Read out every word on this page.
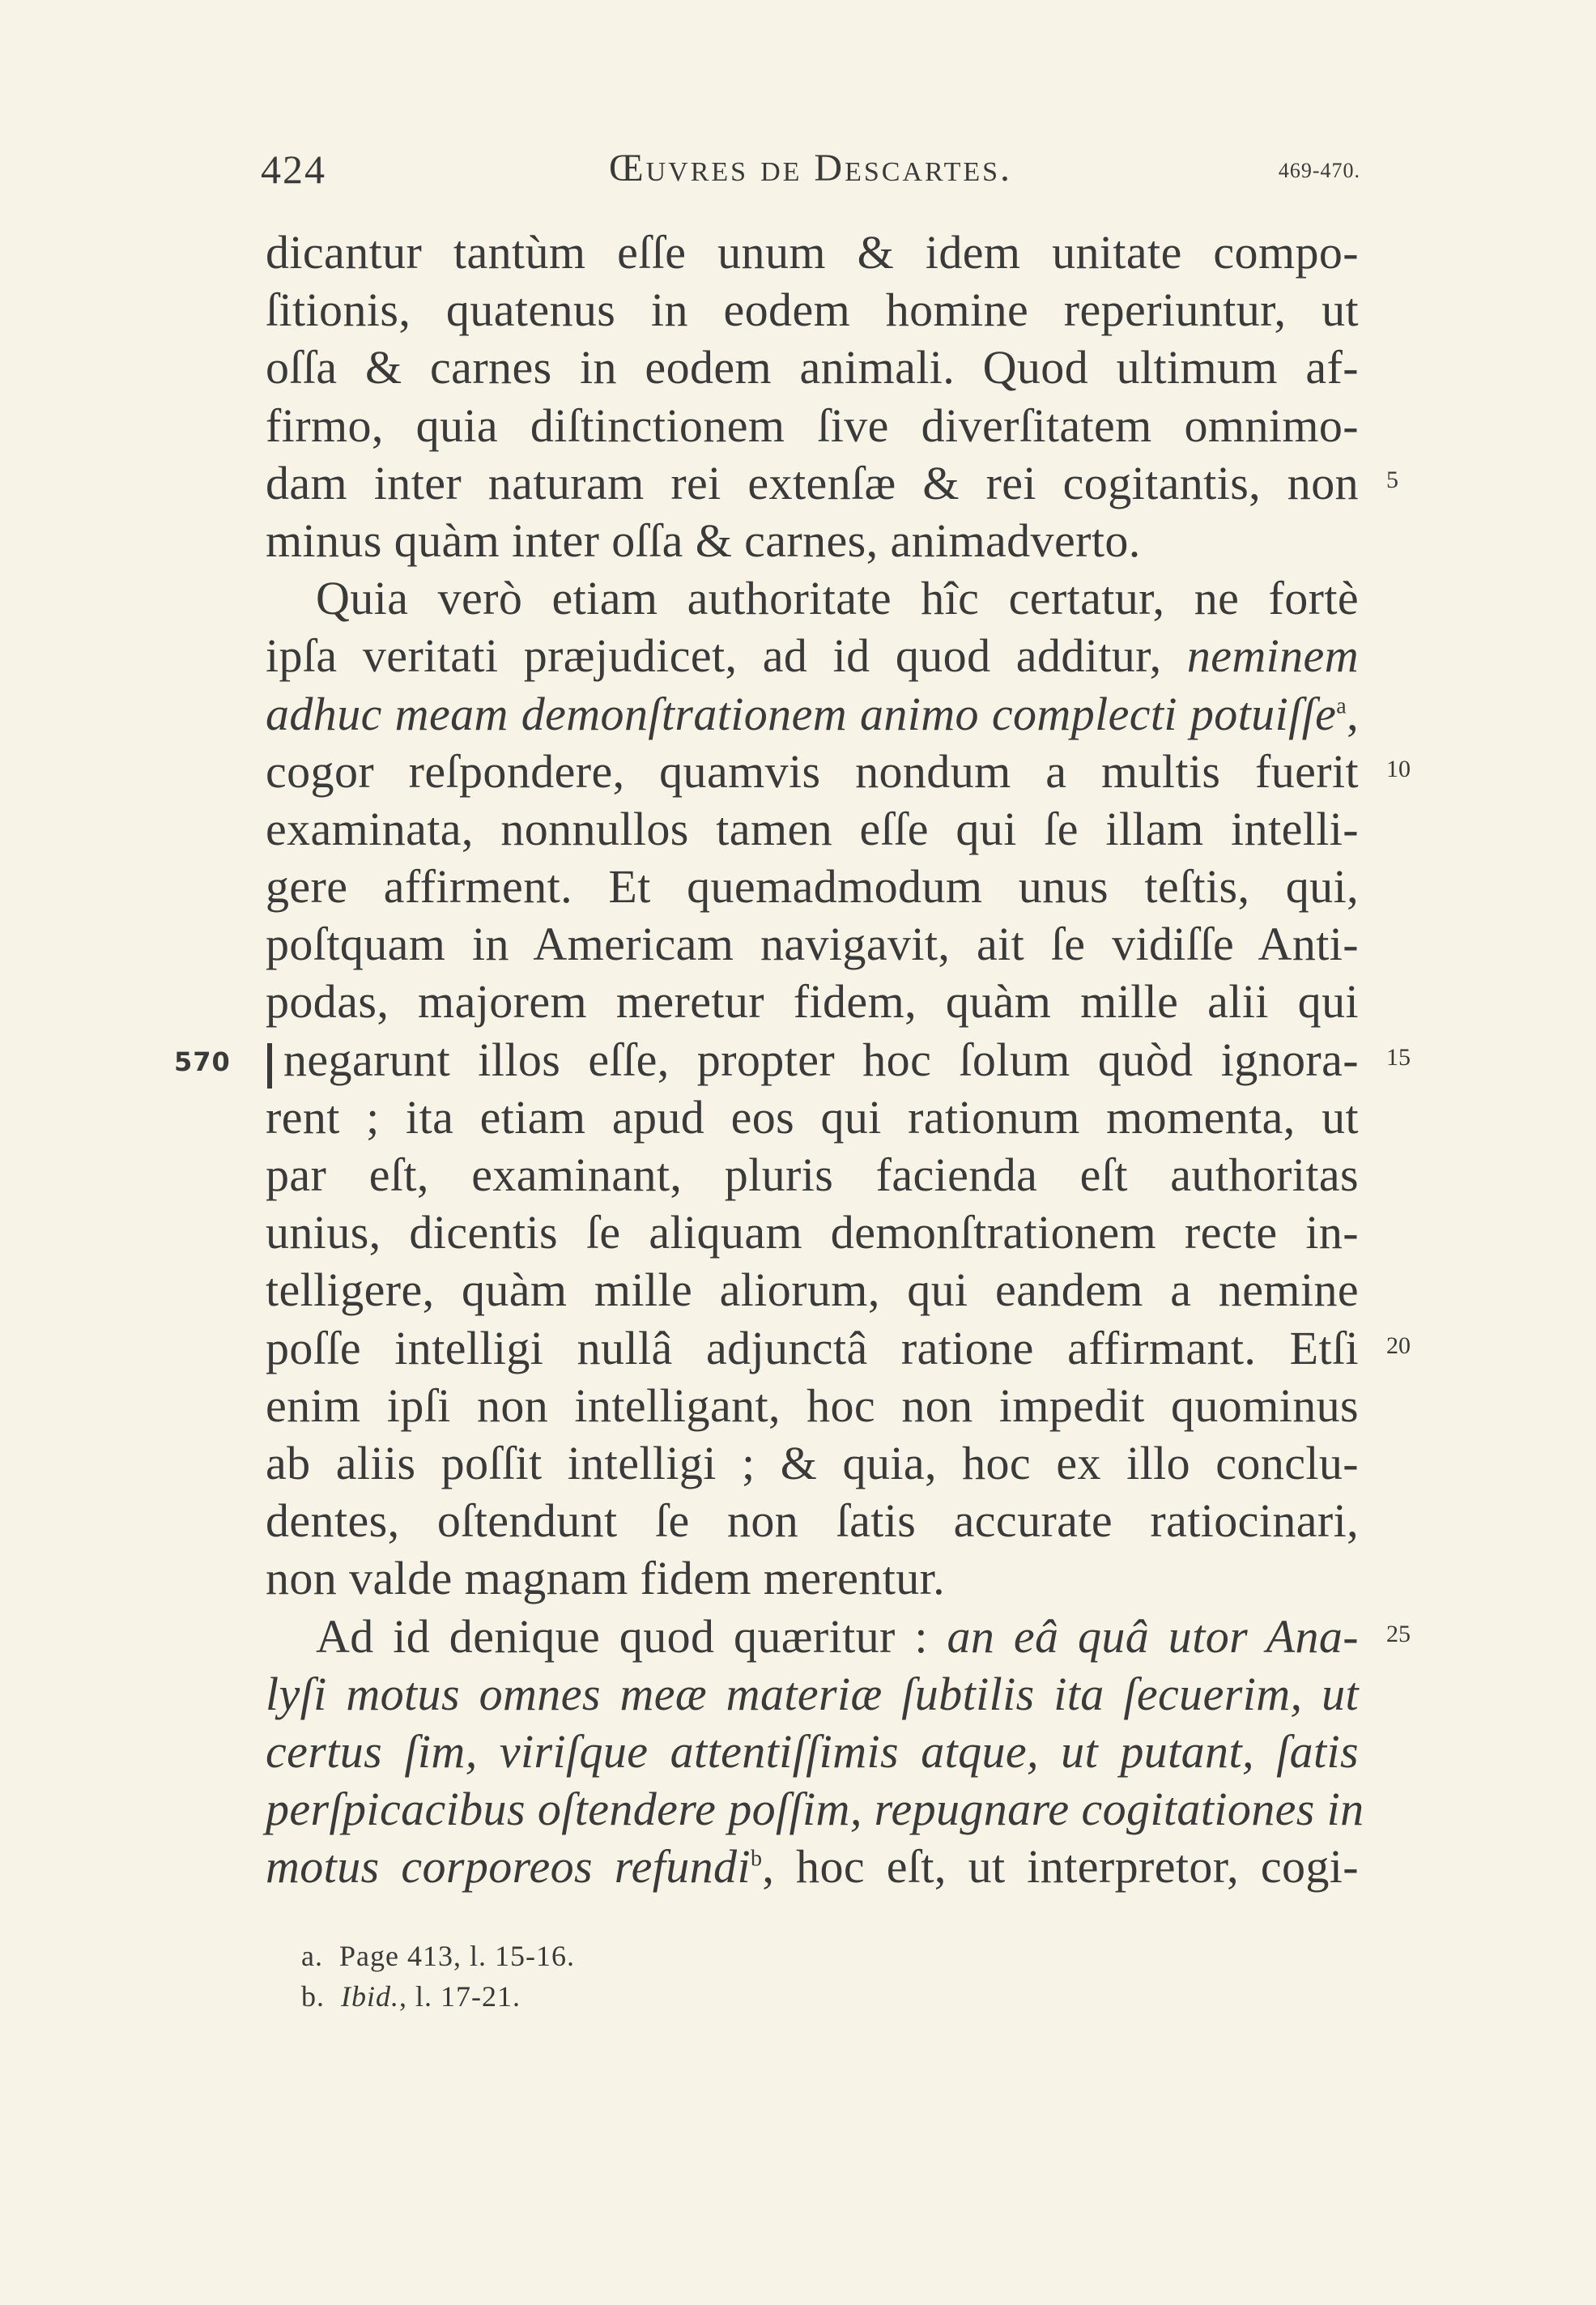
424	Œuvres de Descartes.	469-470.
dicantur tantùm eſſe unum & idem unitate compo-
ſitionis, quatenus in eodem homine reperiuntur, ut
oſſa & carnes in eodem animali. Quod ultimum af-
firmo, quia diſtinctionem ſive diverſitatem omnimo-
dam inter naturam rei extenſæ & rei cogitantis, non
minus quàm inter oſſa & carnes, animadverto.
Quia verò etiam authoritate hîc certatur, ne fortè
ipſa veritati præjudicet, ad id quod additur, neminem
adhuc meam demonſtrationem animo complecti potuiſſe$^a$,
cogor reſpondere, quamvis nondum a multis fuerit
examinata, nonnullos tamen eſſe qui ſe illam intelli-
gere affirment. Et quemadmodum unus teſtis, qui,
poſtquam in Americam navigavit, ait ſe vidiſſe Anti-
podas, majorem meretur fidem, quàm mille alii qui
negarunt illos eſſe, propter hoc ſolum quòd ignora-
rent ; ita etiam apud eos qui rationum momenta, ut
par eſt, examinant, pluris facienda eſt authoritas
unius, dicentis ſe aliquam demonſtrationem recte in-
telligere, quàm mille aliorum, qui eandem a nemine
poſſe intelligi nullâ adjunctâ ratione affirmant. Etſi
enim ipſi non intelligant, hoc non impedit quominus
ab aliis poſſit intelligi ; & quia, hoc ex illo conclu-
dentes, oſtendunt ſe non ſatis accurate ratiocinari,
non valde magnam fidem merentur.
Ad id denique quod quæritur : an eâ quâ utor Ana-
lyſi motus omnes meæ materiæ ſubtilis ita ſecuerim, ut
certus ſim, viriſque attentiſſimis atque, ut putant, ſatis
perſpicacibus oſtendere poſſim, repugnare cogitationes in
motus corporeos refundi$^b$, hoc eſt, ut interpretor, cogi-
5
10
15
20
25
570
a. Page 413, l. 15-16.
b. Ibid., l. 17-21.
